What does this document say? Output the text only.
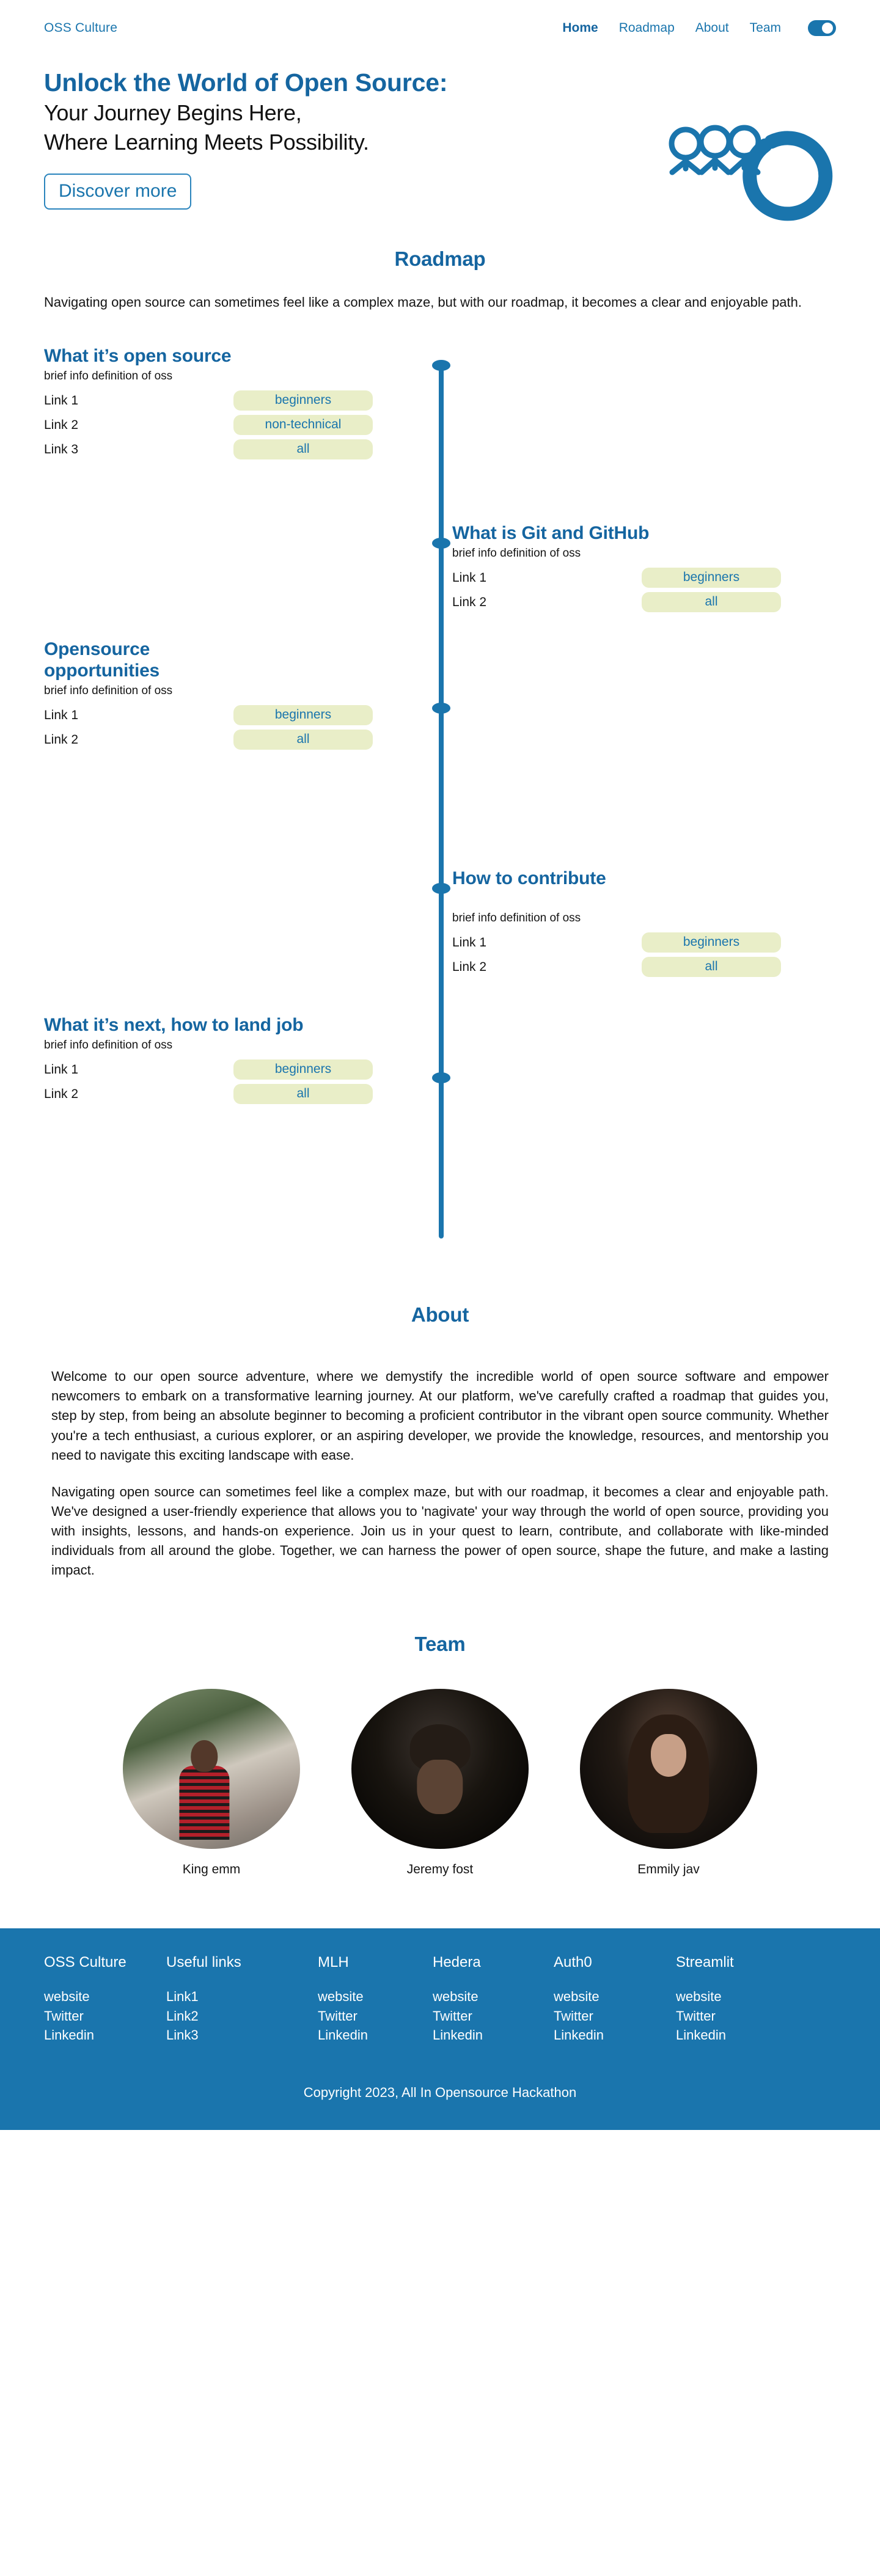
OSS Culture	Home Roadmap About Team
Unlock the World of Open Source:
Your Journey Begins Here,
Where Learning Meets Possibility.
Discover more
Roadmap

Navigating open source can sometimes feel like a complex maze, but with our roadmap, it becomes a clear and enjoyable path.

What it’s open source
brief info definition of oss
Link 1	beginners
Link 2	non-technical
Link 3	all
What is Git and GitHub
brief info definition of oss
Link 1	beginners
Link 2	all
Opensource opportunities
brief info definition of oss
Link 1	beginners
Link 2	all
How to contribute
brief info definition of oss
Link 1	beginners
Link 2	all
What it’s next, how to land job
brief info definition of oss
Link 1	beginners
Link 2	all
About

Welcome to our open source adventure, where we demystify the incredible world of open source software and empower newcomers to embark on a transformative learning journey. At our platform, we've carefully crafted a roadmap that guides you, step by step, from being an absolute beginner to becoming a proficient contributor in the vibrant open source community. Whether you're a tech enthusiast, a curious explorer, or an aspiring developer, we provide the knowledge, resources, and mentorship you need to navigate this exciting landscape with ease.

Navigating open source can sometimes feel like a complex maze, but with our roadmap, it becomes a clear and enjoyable path. We've designed a user-friendly experience that allows you to 'nagivate' your way through the world of open source, providing you with insights, lessons, and hands-on experience. Join us in your quest to learn, contribute, and collaborate with like-minded individuals from all around the globe. Together, we can harness the power of open source, shape the future, and make a lasting impact.

Team
King emm	Jeremy fost	Emmily jav
OSS Culture
website
Twitter
Linkedin
Useful links
Link1
Link2
Link3
MLH
website
Twitter
Linkedin
Hedera
website
Twitter
Linkedin
Auth0
website
Twitter
Linkedin
Streamlit
website
Twitter
Linkedin
Copyright 2023, All In Opensource Hackathon
